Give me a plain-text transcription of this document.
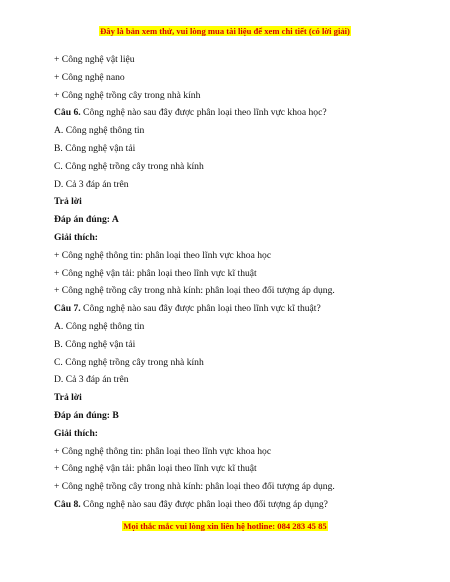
Đây là bản xem thử, vui lòng mua tài liệu để xem chi tiết (có lời giải)
+ Công nghệ vật liệu
+ Công nghệ nano
+ Công nghệ trồng cây trong nhà kính
Câu 6. Công nghệ nào sau đây được phân loại theo lĩnh vực khoa học?
A. Công nghệ thông tin
B. Công nghệ vận tải
C. Công nghệ trồng cây trong nhà kính
D. Cả 3 đáp án trên
Trả lời
Đáp án đúng: A
Giải thích:
+ Công nghệ thông tin: phân loại theo lĩnh vực khoa học
+ Công nghệ vận tải: phân loại theo lĩnh vực kĩ thuật
+ Công nghệ trồng cây trong nhà kính: phân loại theo đối tượng áp dụng.
Câu 7. Công nghệ nào sau đây được phân loại theo lĩnh vực kĩ thuật?
A. Công nghệ thông tin
B. Công nghệ vận tải
C. Công nghệ trồng cây trong nhà kính
D. Cả 3 đáp án trên
Trả lời
Đáp án đúng: B
Giải thích:
+ Công nghệ thông tin: phân loại theo lĩnh vực khoa học
+ Công nghệ vận tải: phân loại theo lĩnh vực kĩ thuật
+ Công nghệ trồng cây trong nhà kính: phân loại theo đối tượng áp dụng.
Câu 8. Công nghệ nào sau đây được phân loại theo đối tượng áp dụng?
Mọi thắc mắc vui lòng xin liên hệ hotline: 084 283 45 85
